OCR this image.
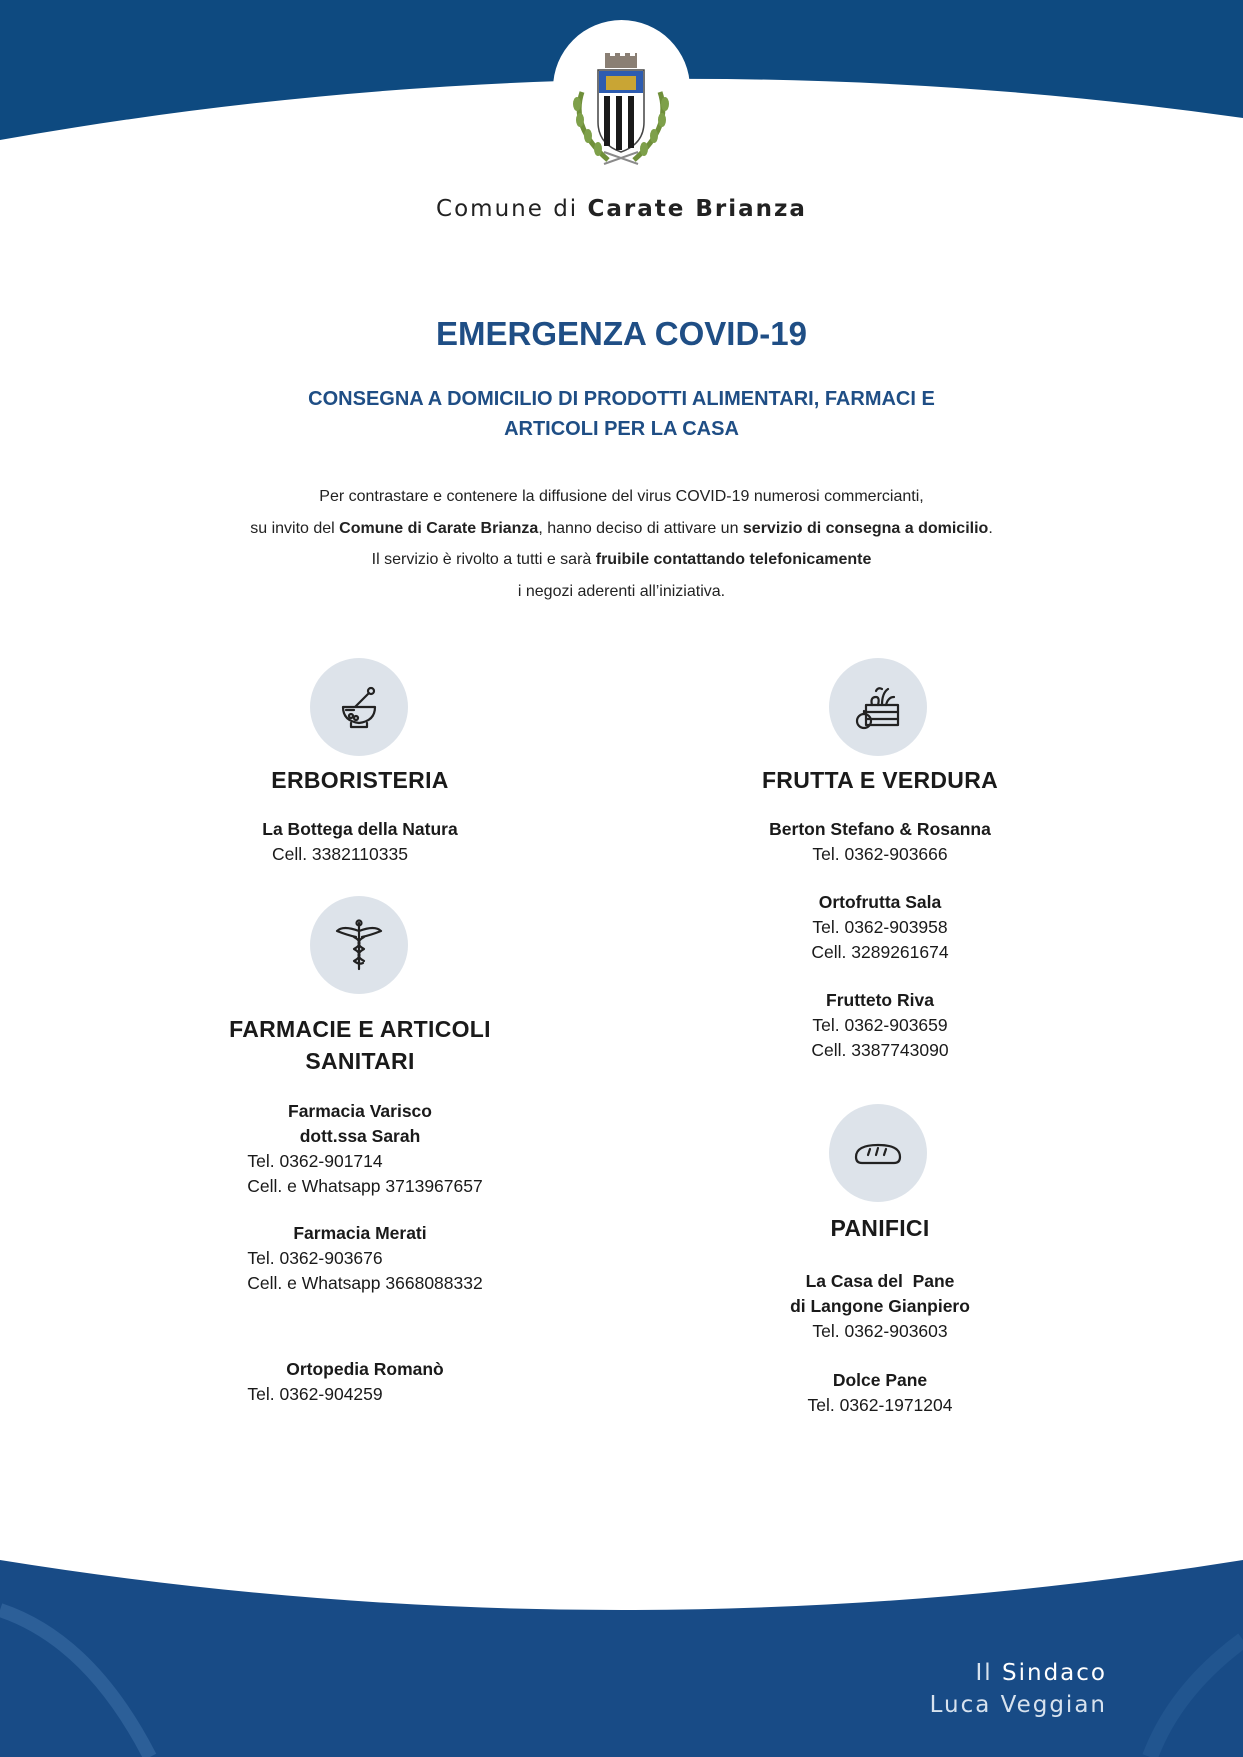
Comune di Carate Brianza
EMERGENZA COVID-19
CONSEGNA A DOMICILIO DI PRODOTTI ALIMENTARI, FARMACI E
ARTICOLI PER LA CASA
Per contrastare e contenere la diffusione del virus COVID-19 numerosi commercianti,
su invito del Comune di Carate Brianza, hanno deciso di attivare un servizio di consegna a domicilio.
Il servizio è rivolto a tutti e sarà fruibile contattando telefonicamente
i negozi aderenti all’iniziativa.
ERBORISTERIA
La Bottega della Natura
Cell. 3382110335
FARMACIE E ARTICOLI
SANITARI
Farmacia Varisco
dott.ssa Sarah
Tel. 0362-901714
Cell. e Whatsapp 3713967657
Farmacia Merati
Tel. 0362-903676
Cell. e Whatsapp 3668088332
Ortopedia Romanò
Tel. 0362-904259
FRUTTA E VERDURA
Berton Stefano & Rosanna
Tel. 0362-903666
Ortofrutta Sala
Tel. 0362-903958
Cell. 3289261674
Frutteto Riva
Tel. 0362-903659
Cell. 3387743090
PANIFICI
La Casa del  Pane
di Langone Gianpiero
Tel. 0362-903603
Dolce Pane
Tel. 0362-1971204
Il Sindaco
Luca Veggian
